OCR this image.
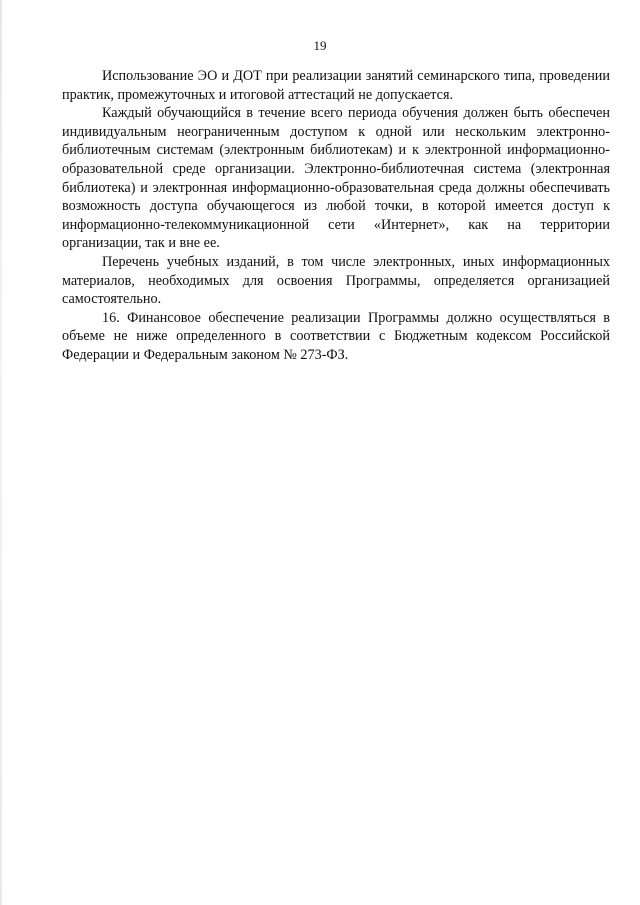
19

Использование ЭО и ДОТ при реализации занятий семинарского типа, проведении практик, промежуточных и итоговой аттестаций не допускается.

Каждый обучающийся в течение всего периода обучения должен быть обеспечен индивидуальным неограниченным доступом к одной или нескольким электронно-библиотечным системам (электронным библиотекам) и к электронной информационно-образовательной среде организации. Электронно-библиотечная система (электронная библиотека) и электронная информационно-образовательная среда должны обеспечивать возможность доступа обучающегося из любой точки, в которой имеется доступ к информационно-телекоммуникационной сети «Интернет», как на территории организации, так и вне ее.

Перечень учебных изданий, в том числе электронных, иных информационных материалов, необходимых для освоения Программы, определяется организацией самостоятельно.

16. Финансовое обеспечение реализации Программы должно осуществляться в объеме не ниже определенного в соответствии с Бюджетным кодексом Российской Федерации и Федеральным законом № 273-ФЗ.
